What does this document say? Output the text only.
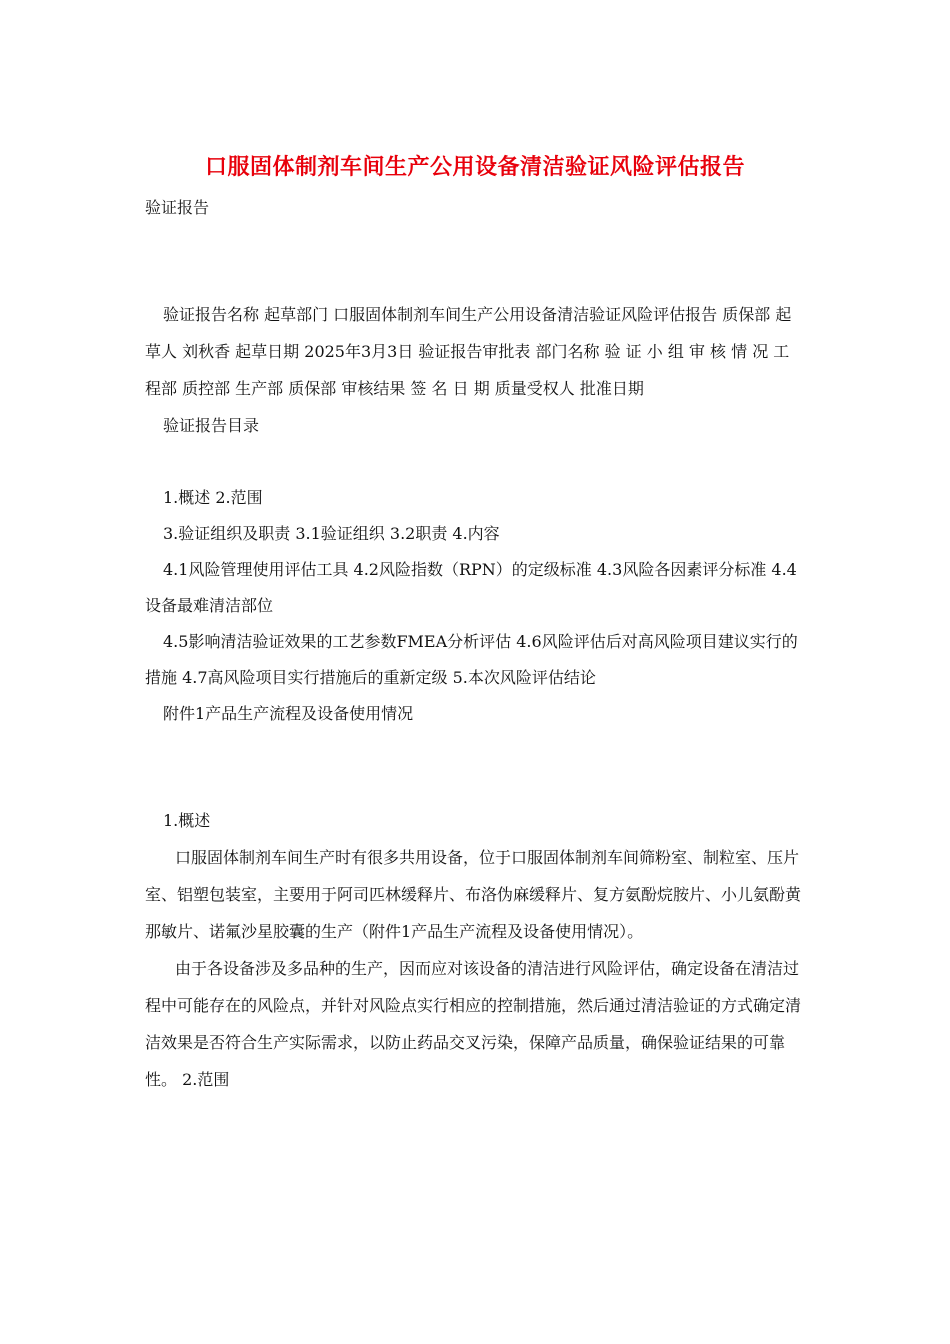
口服固体制剂车间生产公用设备清洁验证风险评估报告

验证报告

验证报告名称 起草部门 口服固体制剂车间生产公用设备清洁验证风险评估报告 质保部 起草人 刘秋香 起草日期 2025年3月3日 验证报告审批表 部门名称 验 证 小 组 审 核 情 况 工程部 质控部 生产部 质保部 审核结果 签 名 日 期 质量受权人 批准日期

验证报告目录

1.概述 2.范围

3.验证组织及职责 3.1验证组织 3.2职责 4.内容

4.1风险管理使用评估工具 4.2风险指数（RPN）的定级标准 4.3风险各因素评分标准 4.4设备最难清洁部位

4.5影响清洁验证效果的工艺参数FMEA分析评估 4.6风险评估后对高风险项目建议实行的措施 4.7高风险项目实行措施后的重新定级 5.本次风险评估结论

附件1产品生产流程及设备使用情况

1.概述

口服固体制剂车间生产时有很多共用设备，位于口服固体制剂车间筛粉室、制粒室、压片室、铝塑包装室，主要用于阿司匹林缓释片、布洛伪麻缓释片、复方氨酚烷胺片、小儿氨酚黄那敏片、诺氟沙星胶囊的生产（附件1产品生产流程及设备使用情况）。

由于各设备涉及多品种的生产，因而应对该设备的清洁进行风险评估，确定设备在清洁过程中可能存在的风险点，并针对风险点实行相应的控制措施，然后通过清洁验证的方式确定清洁效果是否符合生产实际需求，以防止药品交叉污染，保障产品质量，确保验证结果的可靠性。 2.范围
